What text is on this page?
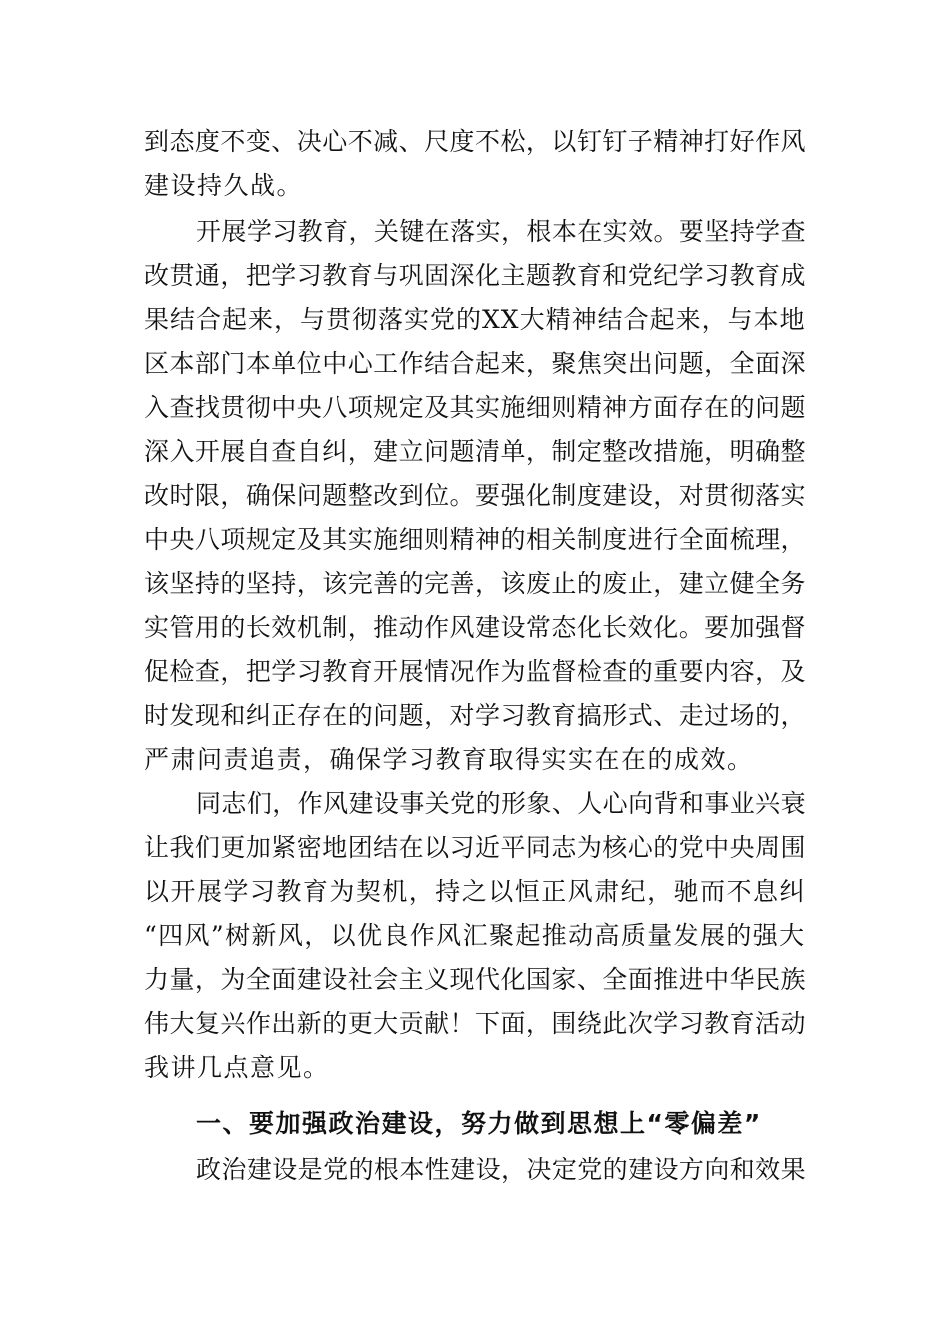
到态度不变、决心不减、尺度不松，以钉钉子精神打好作风
建设持久战。
开展学习教育，关键在落实，根本在实效。要坚持学查
改贯通，把学习教育与巩固深化主题教育和党纪学习教育成
果结合起来，与贯彻落实党的XX大精神结合起来，与本地
区本部门本单位中心工作结合起来，聚焦突出问题，全面深
入查找贯彻中央八项规定及其实施细则精神方面存在的问题
深入开展自查自纠，建立问题清单，制定整改措施，明确整
改时限，确保问题整改到位。要强化制度建设，对贯彻落实
中央八项规定及其实施细则精神的相关制度进行全面梳理，
该坚持的坚持，该完善的完善，该废止的废止，建立健全务
实管用的长效机制，推动作风建设常态化长效化。要加强督
促检查，把学习教育开展情况作为监督检查的重要内容，及
时发现和纠正存在的问题，对学习教育搞形式、走过场的，
严肃问责追责，确保学习教育取得实实在在的成效。
同志们，作风建设事关党的形象、人心向背和事业兴衰
让我们更加紧密地团结在以习近平同志为核心的党中央周围
以开展学习教育为契机，持之以恒正风肃纪，驰而不息纠
“四风”树新风，以优良作风汇聚起推动高质量发展的强大
力量，为全面建设社会主义现代化国家、全面推进中华民族
伟大复兴作出新的更大贡献！下面，围绕此次学习教育活动
我讲几点意见。
一、要加强政治建设，努力做到思想上“零偏差”
政治建设是党的根本性建设，决定党的建设方向和效果
